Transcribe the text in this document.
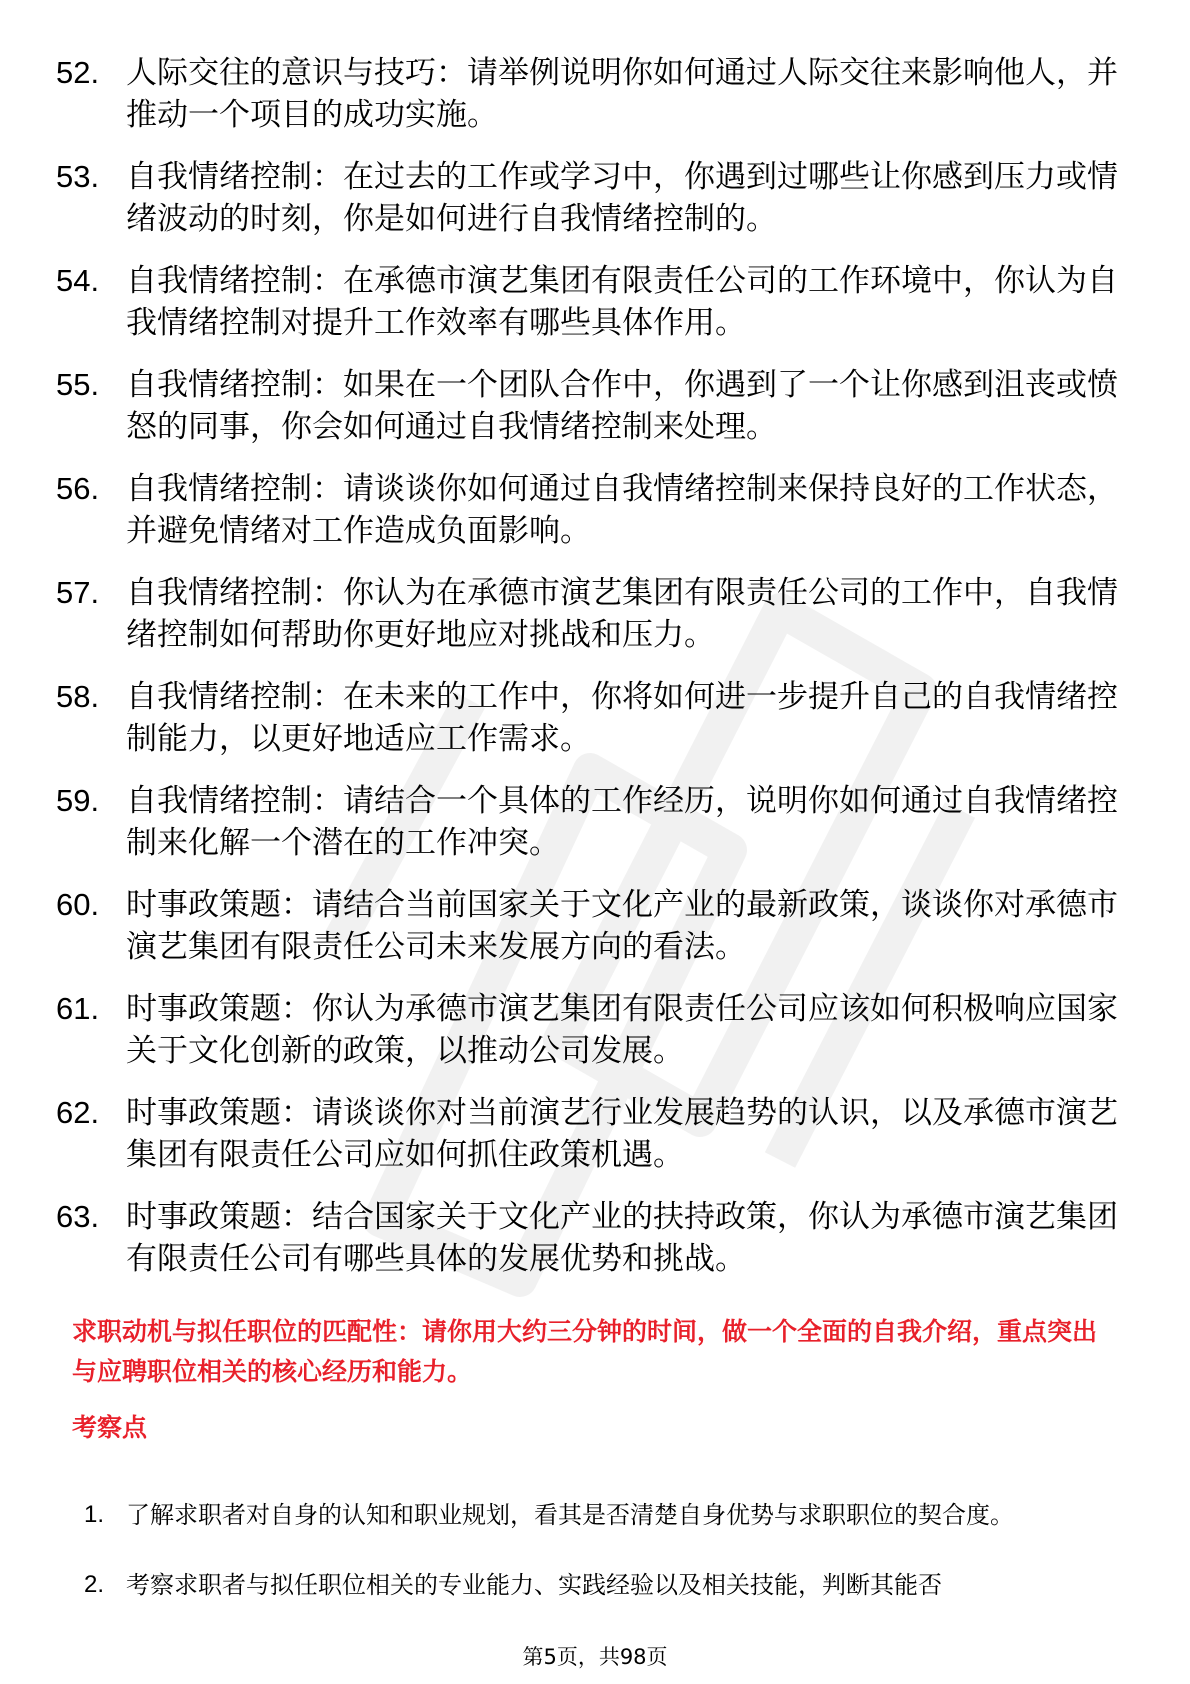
52. 人际交往的意识与技巧：请举例说明你如何通过人际交往来影响他人，并推动一个项目的成功实施。
53. 自我情绪控制：在过去的工作或学习中，你遇到过哪些让你感到压力或情绪波动的时刻，你是如何进行自我情绪控制的。
54. 自我情绪控制：在承德市演艺集团有限责任公司的工作环境中，你认为自我情绪控制对提升工作效率有哪些具体作用。
55. 自我情绪控制：如果在一个团队合作中，你遇到了一个让你感到沮丧或愤怒的同事，你会如何通过自我情绪控制来处理。
56. 自我情绪控制：请谈谈你如何通过自我情绪控制来保持良好的工作状态，并避免情绪对工作造成负面影响。
57. 自我情绪控制：你认为在承德市演艺集团有限责任公司的工作中，自我情绪控制如何帮助你更好地应对挑战和压力。
58. 自我情绪控制：在未来的工作中，你将如何进一步提升自己的自我情绪控制能力，以更好地适应工作需求。
59. 自我情绪控制：请结合一个具体的工作经历，说明你如何通过自我情绪控制来化解一个潜在的工作冲突。
60. 时事政策题：请结合当前国家关于文化产业的最新政策，谈谈你对承德市演艺集团有限责任公司未来发展方向的看法。
61. 时事政策题：你认为承德市演艺集团有限责任公司应该如何积极响应国家关于文化创新的政策，以推动公司发展。
62. 时事政策题：请谈谈你对当前演艺行业发展趋势的认识，以及承德市演艺集团有限责任公司应如何抓住政策机遇。
63. 时事政策题：结合国家关于文化产业的扶持政策，你认为承德市演艺集团有限责任公司有哪些具体的发展优势和挑战。
求职动机与拟任职位的匹配性：请你用大约三分钟的时间，做一个全面的自我介绍，重点突出与应聘职位相关的核心经历和能力。
考察点
1. 了解求职者对自身的认知和职业规划，看其是否清楚自身优势与求职职位的契合度。
2. 考察求职者与拟任职位相关的专业能力、实践经验以及相关技能，判断其能否
第5页，共98页
